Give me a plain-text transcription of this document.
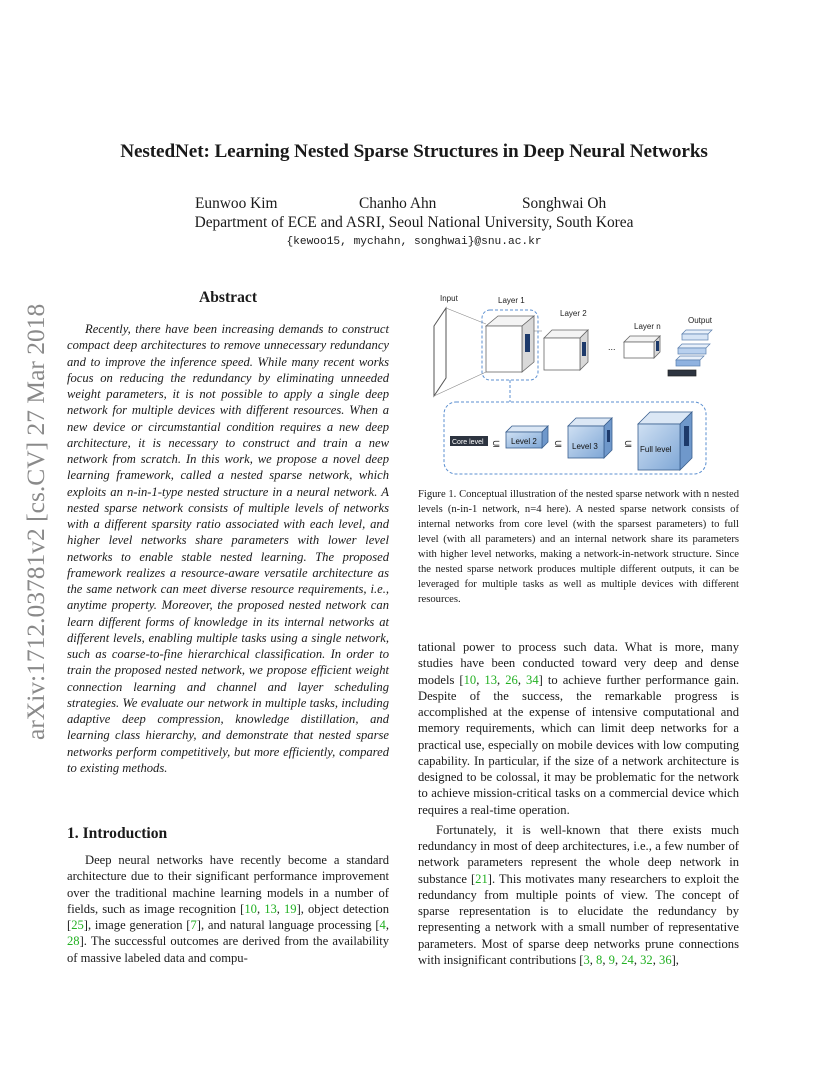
arXiv:1712.03781v2 [cs.CV] 27 Mar 2018
NestedNet: Learning Nested Sparse Structures in Deep Neural Networks
Eunwoo Kim	Chanho Ahn	Songhwai Oh
Department of ECE and ASRI, Seoul National University, South Korea
{kewoo15, mychahn, songhwai}@snu.ac.kr
Abstract
Recently, there have been increasing demands to construct compact deep architectures to remove unnecessary redundancy and to improve the inference speed. While many recent works focus on reducing the redundancy by eliminating unneeded weight parameters, it is not possible to apply a single deep network for multiple devices with different resources. When a new device or circumstantial condition requires a new deep architecture, it is necessary to construct and train a new network from scratch. In this work, we propose a novel deep learning framework, called a nested sparse network, which exploits an n-in-1-type nested structure in a neural network. A nested sparse network consists of multiple levels of networks with a different sparsity ratio associated with each level, and higher level networks share parameters with lower level networks to enable stable nested learning. The proposed framework realizes a resource-aware versatile architecture as the same network can meet diverse resource requirements, i.e., anytime property. Moreover, the proposed nested network can learn different forms of knowledge in its internal networks at different levels, enabling multiple tasks using a single network, such as coarse-to-fine hierarchical classification. In order to train the proposed nested network, we propose efficient weight connection learning and channel and layer scheduling strategies. We evaluate our network in multiple tasks, including adaptive deep compression, knowledge distillation, and learning class hierarchy, and demonstrate that nested sparse networks perform competitively, but more efficiently, compared to existing methods.
1. Introduction
Deep neural networks have recently become a standard architecture due to their significant performance improvement over the traditional machine learning models in a number of fields, such as image recognition [10, 13, 19], object detection [25], image generation [7], and natural language processing [4, 28]. The successful outcomes are derived from the availability of massive labeled data and compu-
Input	Layer 1
Layer 2
...
Layer n
Output
Core level ⊆ Level 2 ⊆ Level 3	⊆ Full level
Figure 1. Conceptual illustration of the nested sparse network with n nested levels (n-in-1 network, n=4 here). A nested sparse network consists of internal networks from core level (with the sparsest parameters) to full level (with all parameters) and an internal network share its parameters with higher level networks, making a network-in-network structure. Since the nested sparse network produces multiple different outputs, it can be leveraged for multiple tasks as well as multiple devices with different resources.

tational power to process such data. What is more, many studies have been conducted toward very deep and dense models [10, 13, 26, 34] to achieve further performance gain. Despite of the success, the remarkable progress is accomplished at the expense of intensive computational and memory requirements, which can limit deep networks for a practical use, especially on mobile devices with low computing capability. In particular, if the size of a network architecture is designed to be colossal, it may be problematic for the network to achieve mission-critical tasks on a commercial device which requires a real-time operation.

Fortunately, it is well-known that there exists much redundancy in most of deep architectures, i.e., a few number of network parameters represent the whole deep network in substance [21]. This motivates many researchers to exploit the redundancy from multiple points of view. The concept of sparse representation is to elucidate the redundancy by representing a network with a small number of representative parameters. Most of sparse deep networks prune connections with insignificant contributions [3, 8, 9, 24, 32, 36],
